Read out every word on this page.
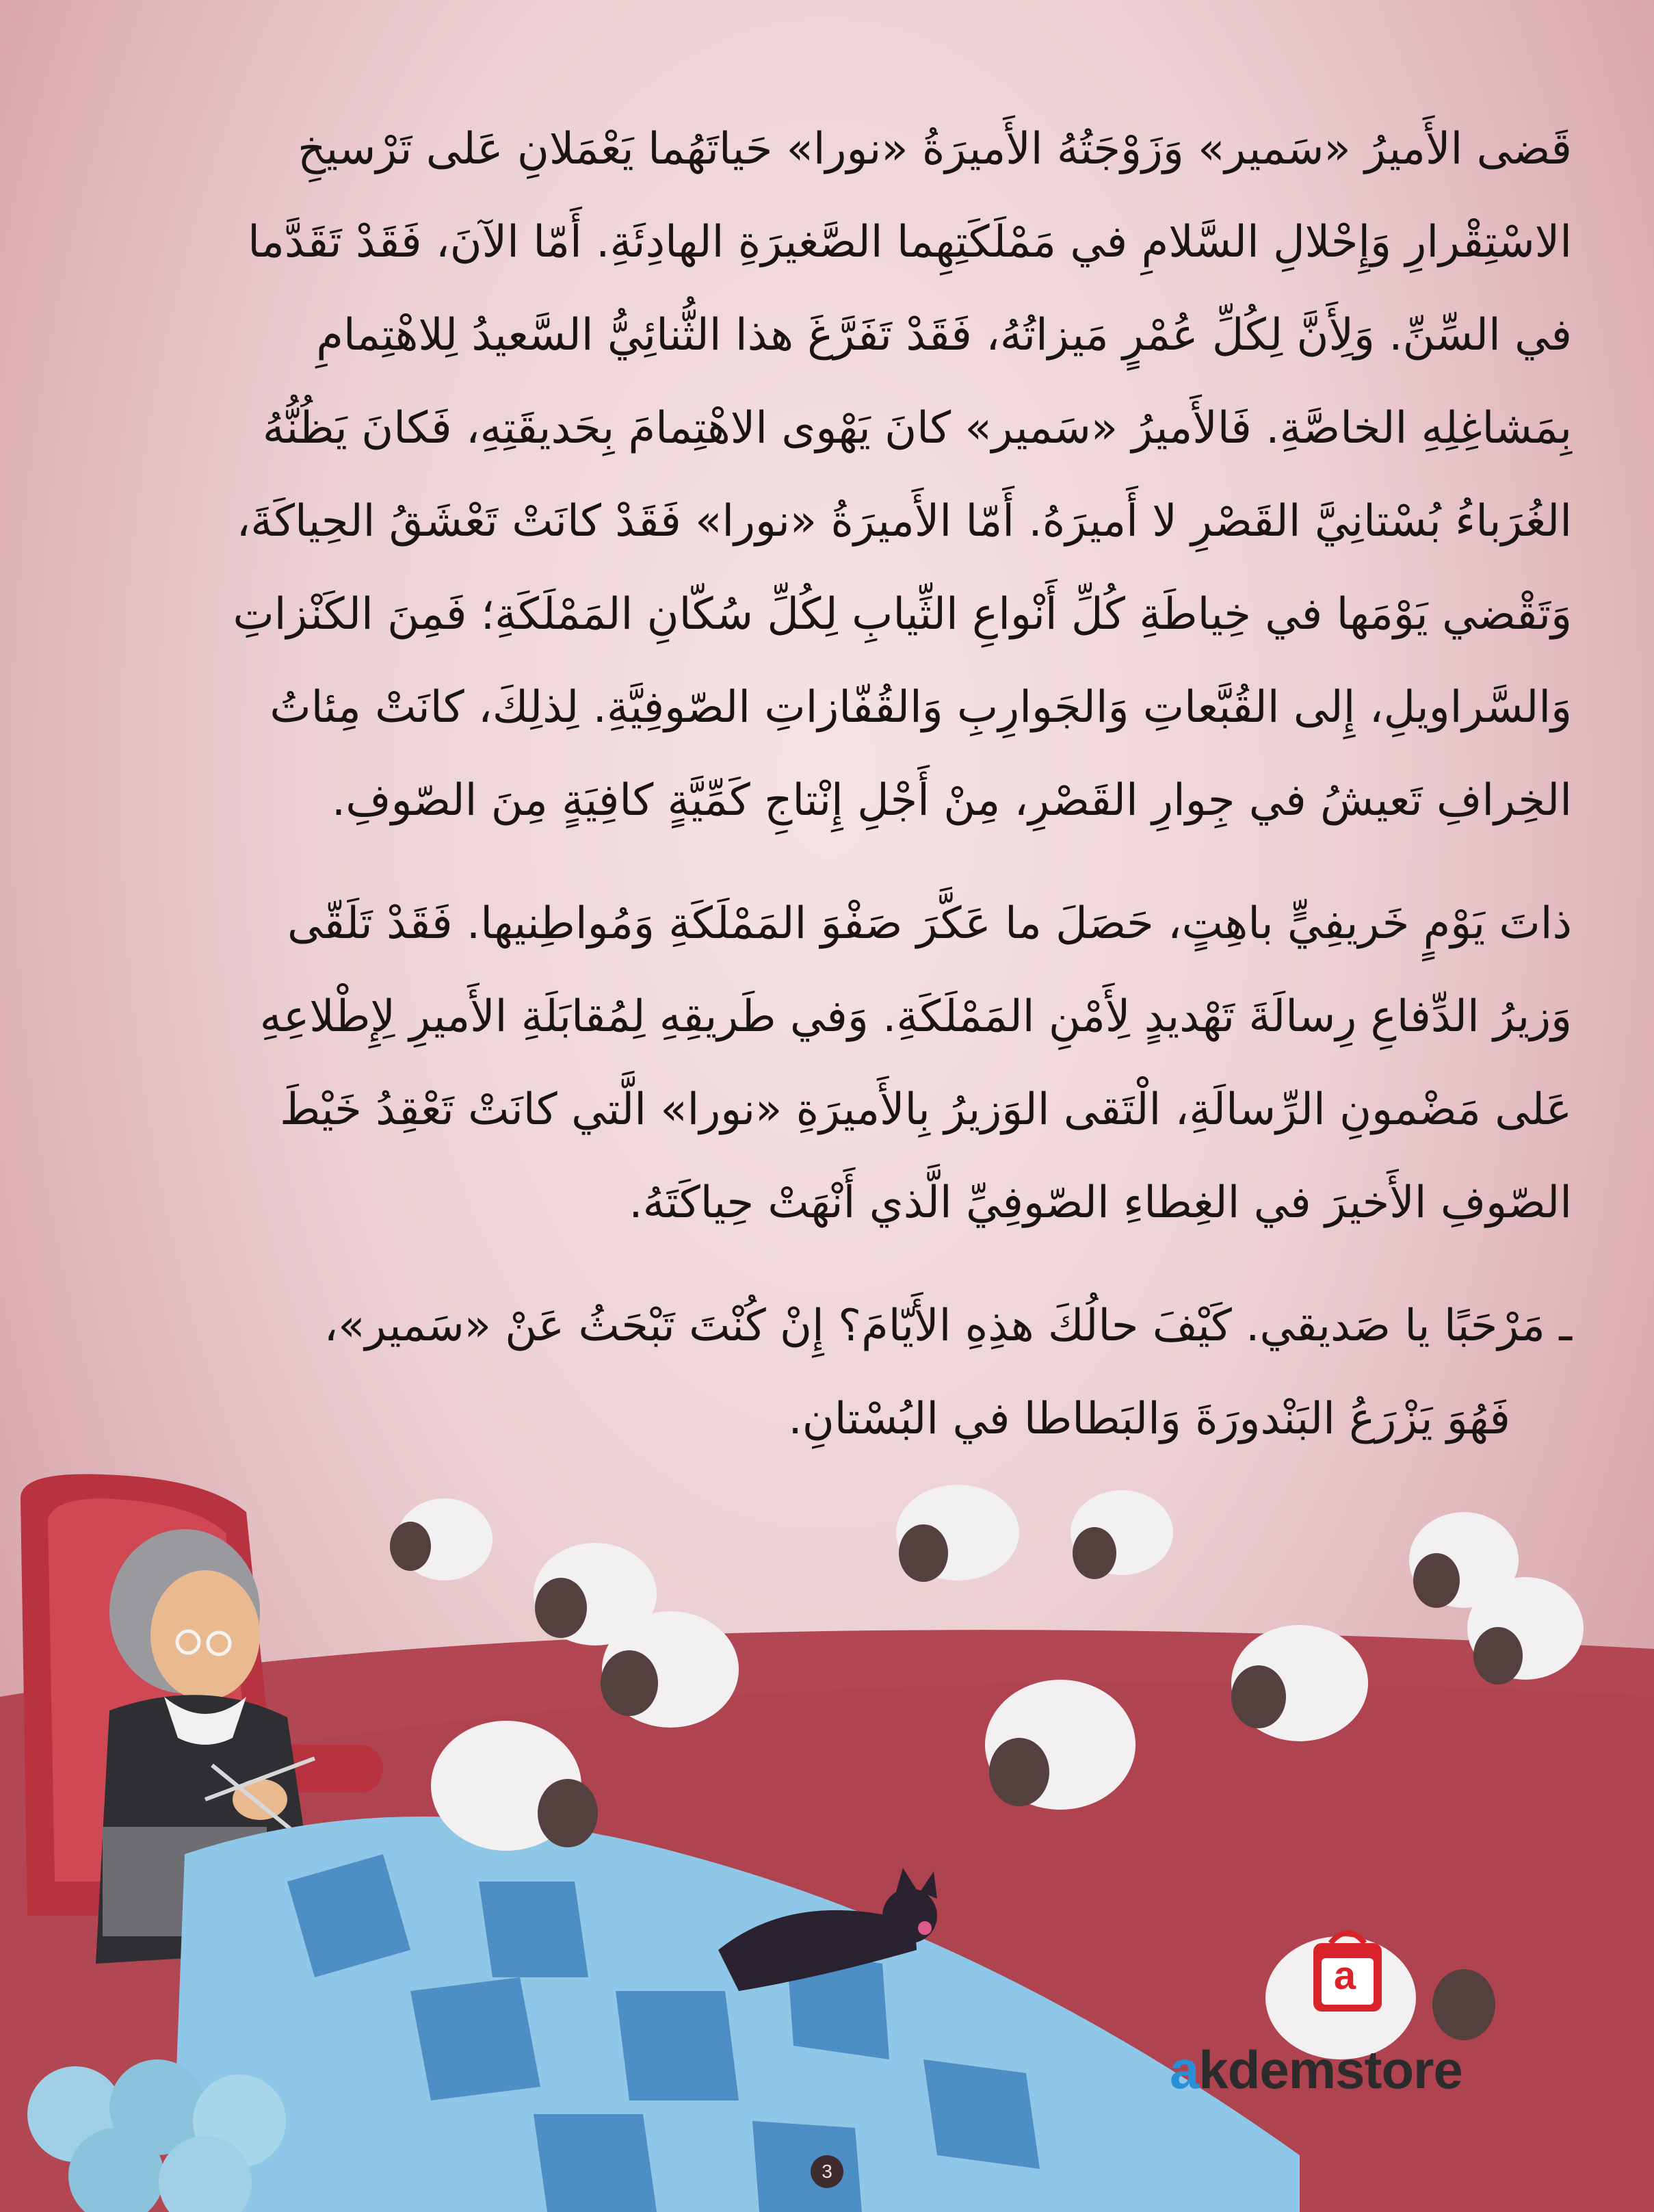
قَضى الأَميرُ «سَمير» وَزَوْجَتُهُ الأَميرَةُ «نورا» حَياتَهُما يَعْمَلانِ عَلى تَرْسيخِ
الاسْتِقْرارِ وَإِحْلالِ السَّلامِ في مَمْلَكَتِهِما الصَّغيرَةِ الهادِئَةِ. أَمّا الآنَ، فَقَدْ تَقَدَّما
في السِّنِّ. وَلِأَنَّ لِكُلِّ عُمْرٍ مَيزاتُهُ، فَقَدْ تَفَرَّغَ هذا الثُّنائِيُّ السَّعيدُ لِلاهْتِمامِ
بِمَشاغِلِهِ الخاصَّةِ. فَالأَميرُ «سَمير» كانَ يَهْوى الاهْتِمامَ بِحَديقَتِهِ، فَكانَ يَظُنُّهُ
الغُرَباءُ بُسْتانِيَّ القَصْرِ لا أَميرَهُ. أَمّا الأَميرَةُ «نورا» فَقَدْ كانَتْ تَعْشَقُ الحِياكَةَ،
وَتَقْضي يَوْمَها في خِياطَةِ كُلِّ أَنْواعِ الثِّيابِ لِكُلِّ سُكّانِ المَمْلَكَةِ؛ فَمِنَ الكَنْزاتِ
وَالسَّراويلِ، إِلى القُبَّعاتِ وَالجَوارِبِ وَالقُفّازاتِ الصّوفِيَّةِ. لِذلِكَ، كانَتْ مِئاتُ
الخِرافِ تَعيشُ في جِوارِ القَصْرِ، مِنْ أَجْلِ إِنْتاجِ كَمِّيَّةٍ كافِيَةٍ مِنَ الصّوفِ.

ذاتَ يَوْمٍ خَريفِيٍّ باهِتٍ، حَصَلَ ما عَكَّرَ صَفْوَ المَمْلَكَةِ وَمُواطِنيها. فَقَدْ تَلَقّى
وَزيرُ الدِّفاعِ رِسالَةَ تَهْديدٍ لِأَمْنِ المَمْلَكَةِ. وَفي طَريقِهِ لِمُقابَلَةِ الأَميرِ لِإِطْلاعِهِ
عَلى مَضْمونِ الرِّسالَةِ، الْتَقى الوَزيرُ بِالأَميرَةِ «نورا» الَّتي كانَتْ تَعْقِدُ خَيْطَ
الصّوفِ الأَخيرَ في الغِطاءِ الصّوفِيِّ الَّذي أَنْهَتْ حِياكَتَهُ.

ـ مَرْحَبًا يا صَديقي. كَيْفَ حالُكَ هذِهِ الأَيّامَ؟ إِنْ كُنْتَ تَبْحَثُ عَنْ «سَمير»،
فَهُوَ يَزْرَعُ البَنْدورَةَ وَالبَطاطا في البُسْتانِ.

a
akdemstore
3
